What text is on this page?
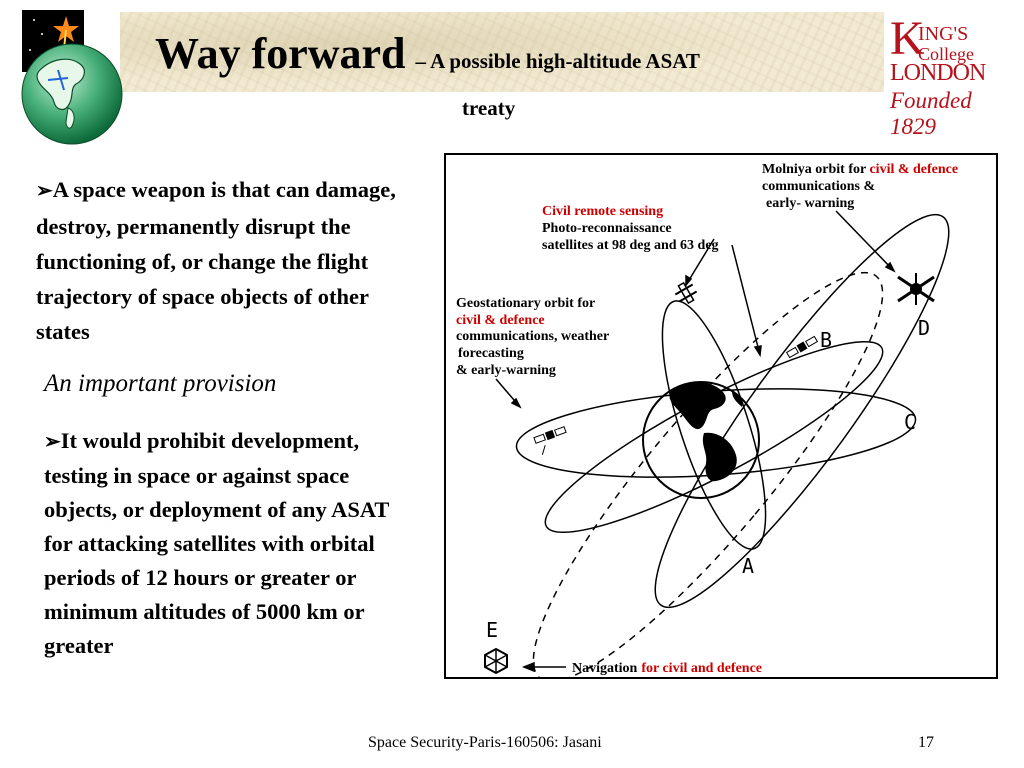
Way forward – A possible high-altitude ASAT
treaty
K
ING'S
College
LONDON
Founded 1829
➢A space weapon is that can damage, destroy, permanently disrupt the functioning of, or change the flight trajectory of space objects of other states
An important provision
➢It would prohibit development, testing in space or against space objects, or deployment of any ASAT for attacking satellites with orbital periods of 12 hours or greater or minimum altitudes of 5000 km or greater
Molniya orbit for civil & defence
communications &
early- warning
Civil remote sensing
Photo-reconnaissance
satellites at 98 deg and 63 deg
Geostationary orbit for
civil & defence
communications, weather
forecasting
& early-warning
A
B
C
D
E
Navigation for civil and defence
Space Security-Paris-160506: Jasani	17
